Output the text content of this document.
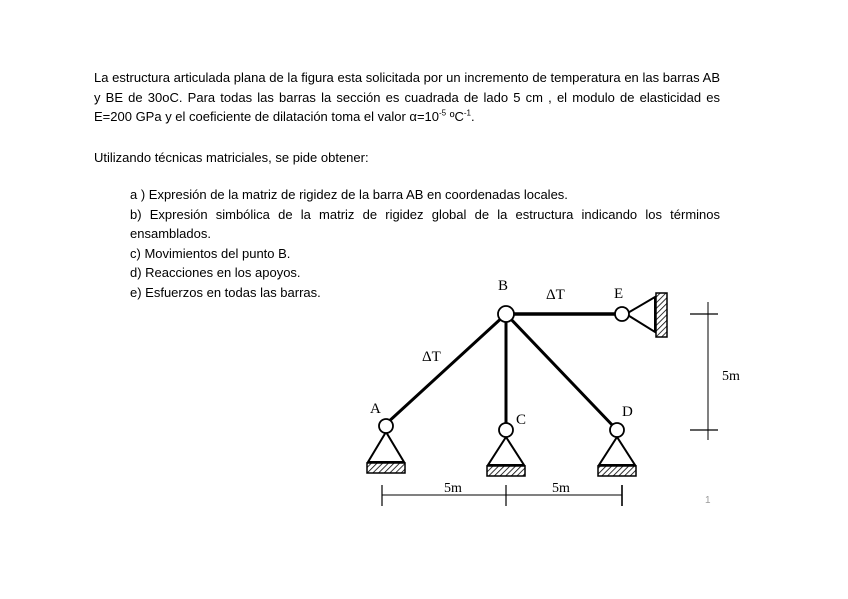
La estructura articulada plana de la figura esta solicitada por un incremento de temperatura en las barras AB y BE de 30oC. Para todas las barras la sección es cuadrada de lado 5 cm , el modulo de elasticidad es E=200 GPa y el coeficiente de dilatación toma el valor $\alpha=10^{-5}$ ºC$^{-1}$.

Utilizando técnicas matriciales, se pide obtener:

a ) Expresión de la matriz de rigidez de la barra AB en coordenadas locales.
b) Expresión simbólica de la matriz de rigidez global de la estructura indicando los términos ensamblados.
c) Movimientos del punto B.
d) Reacciones en los apoyos.
e) Esfuerzos en todas las barras.
A
B
C	D
E
ΔT
ΔT
5m	5m
5m
1
